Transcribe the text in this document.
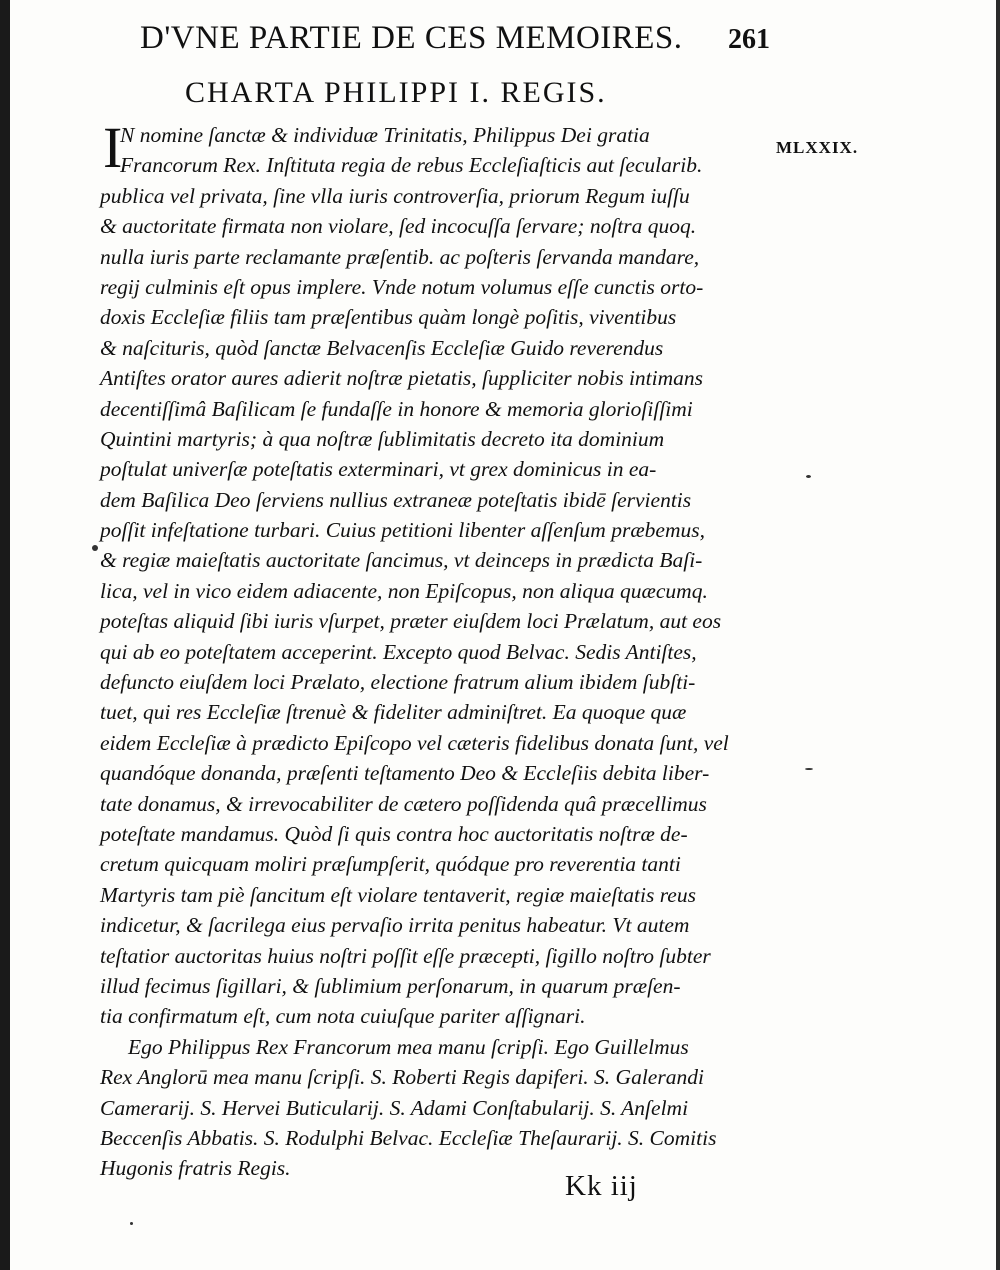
D'VNE PARTIE DE CES MEMOIRES.	261
CHARTA PHILIPPI I. REGIS.
MLXXIX.
I
N nomine ſanctæ & individuæ Trinitatis, Philippus Dei gratia
Francorum Rex. Inſtituta regia de rebus Eccleſiaſticis aut ſecularib.
publica vel privata, ſine vlla iuris controverſia, priorum Regum iuſſu
& auctoritate firmata non violare, ſed incocuſſa ſervare; noſtra quoq.
nulla iuris parte reclamante præſentib. ac poſteris ſervanda mandare,
regij culminis eſt opus implere. Vnde notum volumus eſſe cunctis orto-
doxis Eccleſiæ filiis tam præſentibus quàm longè poſitis, viventibus
& naſcituris, quòd ſanctæ Belvacenſis Eccleſiæ Guido reverendus
Antiſtes orator aures adierit noſtræ pietatis, ſuppliciter nobis intimans
decentiſſimâ Baſilicam ſe fundaſſe in honore & memoria glorioſiſſimi
Quintini martyris; à qua noſtræ ſublimitatis decreto ita dominium
poſtulat univerſæ poteſtatis exterminari, vt grex dominicus in ea-
dem Baſilica Deo ſerviens nullius extraneæ poteſtatis ibidē ſervientis
poſſit infeſtatione turbari. Cuius petitioni libenter aſſenſum præbemus,
& regiæ maieſtatis auctoritate ſancimus, vt deinceps in prædicta Baſi-
lica, vel in vico eidem adiacente, non Epiſcopus, non aliqua quæcumq.
poteſtas aliquid ſibi iuris vſurpet, præter eiuſdem loci Prælatum, aut eos
qui ab eo poteſtatem acceperint. Excepto quod Belvac. Sedis Antiſtes,
defuncto eiuſdem loci Prælato, electione fratrum alium ibidem ſubſti-
tuet, qui res Eccleſiæ ſtrenuè & fideliter adminiſtret. Ea quoque quæ
eidem Eccleſiæ à prædicto Epiſcopo vel cæteris fidelibus donata ſunt, vel
quandóque donanda, præſenti teſtamento Deo & Eccleſiis debita liber-
tate donamus, & irrevocabiliter de cætero poſſidenda quâ præcellimus
poteſtate mandamus. Quòd ſi quis contra hoc auctoritatis noſtræ de-
cretum quicquam moliri præſumpſerit, quódque pro reverentia tanti
Martyris tam piè ſancitum eſt violare tentaverit, regiæ maieſtatis reus
indicetur, & ſacrilega eius pervaſio irrita penitus habeatur. Vt autem
teſtatior auctoritas huius noſtri poſſit eſſe præcepti, ſigillo noſtro ſubter
illud fecimus ſigillari, & ſublimium perſonarum, in quarum præſen-
tia confirmatum eſt, cum nota cuiuſque pariter aſſignari.
Ego Philippus Rex Francorum mea manu ſcripſi. Ego Guillelmus
Rex Anglorū mea manu ſcripſi. S. Roberti Regis dapiferi. S. Galerandi
Camerarij. S. Hervei Buticularij. S. Adami Conſtabularij. S. Anſelmi
Beccenſis Abbatis. S. Rodulphi Belvac. Eccleſiæ Theſaurarij. S. Comitis
Hugonis fratris Regis.
Kk iij
